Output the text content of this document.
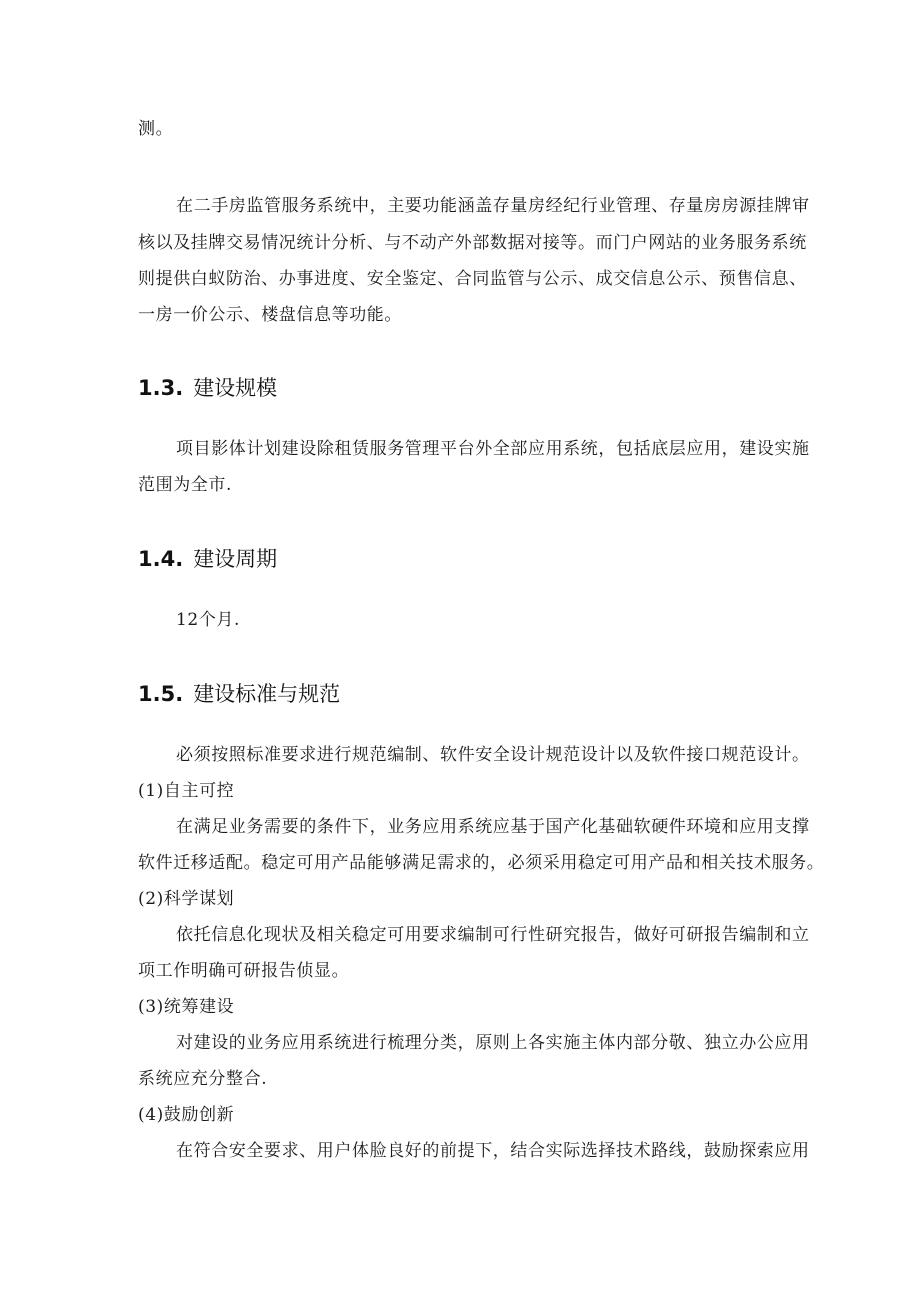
测。
在二手房监管服务系统中，主要功能涵盖存量房经纪行业管理、存量房房源挂牌审
核以及挂牌交易情况统计分析、与不动产外部数据对接等。而门户网站的业务服务系统
则提供白蚁防治、办事进度、安全鉴定、合同监管与公示、成交信息公示、预售信息、
一房一价公示、楼盘信息等功能。
1.3. 建设规模
项目影体计划建设除租赁服务管理平台外全部应用系统，包括底层应用，建设实施
范围为全市.
1.4. 建设周期
12个月.
1.5. 建设标准与规范
必须按照标准要求进行规范编制、软件安全设计规范设计以及软件接口规范设计。
(1)自主可控
在满足业务需要的条件下，业务应用系统应基于国产化基础软硬件环境和应用支撑
软件迁移适配。稳定可用产品能够满足需求的，必须采用稳定可用产品和相关技术服务。
(2)科学谋划
依托信息化现状及相关稳定可用要求编制可行性研究报告，做好可研报告编制和立
项工作明确可研报告侦显。
(3)统筹建设
对建设的业务应用系统进行梳理分类，原则上各实施主体内部分敬、独立办公应用
系统应充分整合.
(4)鼓励创新
在符合安全要求、用户体脸良好的前提下，结合实际选择技术路线，鼓励探索应用
